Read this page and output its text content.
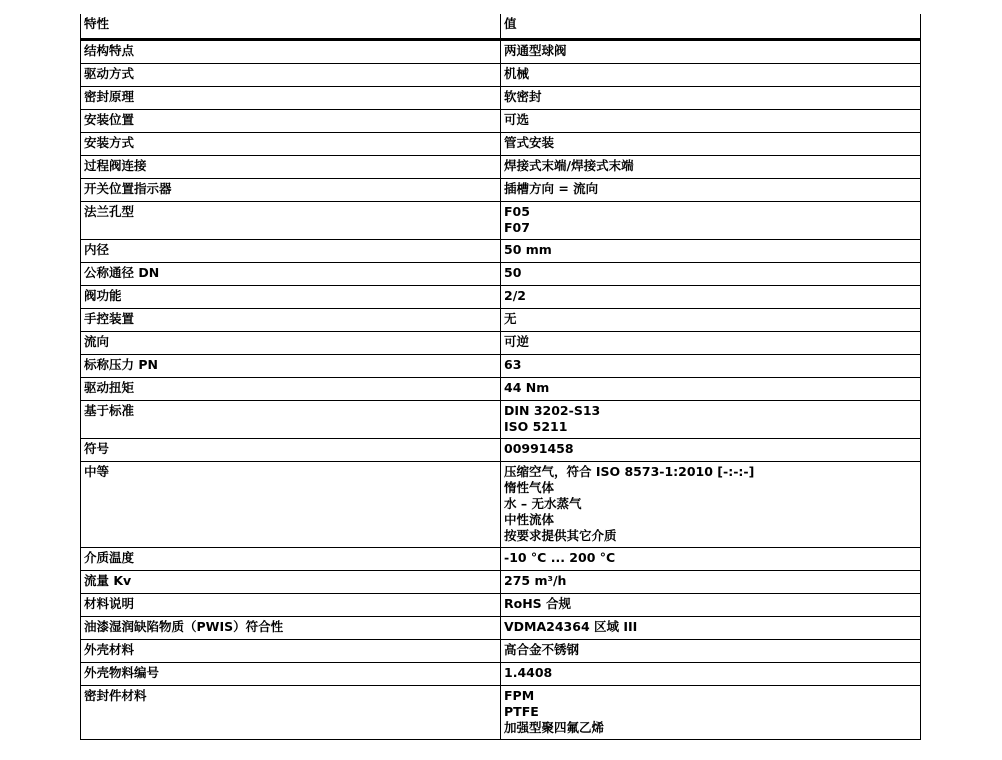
特性	值
结构特点	两通型球阀

驱动方式	机械

密封原理	软密封

安装位置	可选

安装方式	管式安装

过程阀连接	焊接式末端/焊接式末端

开关位置指示器	插槽方向 = 流向

法兰孔型	F05
F07

内径	50 mm

公称通径 DN	50

阀功能	2/2

手控装置	无

流向	可逆

标称压力 PN	63

驱动扭矩	44 Nm

基于标准	DIN 3202-S13
ISO 5211

符号	00991458

中等	压缩空气，符合 ISO 8573-1:2010 [-:-:-]
惰性气体
水 – 无水蒸气
中性流体
按要求提供其它介质

介质温度	-10 °C ... 200 °C

流量 Kv	275 m³/h

材料说明	RoHS 合规

油漆湿润缺陷物质（PWIS）符合性	VDMA24364 区域 III

外壳材料	高合金不锈钢

外壳物料编号	1.4408

密封件材料	FPM
PTFE
加强型聚四氟乙烯
